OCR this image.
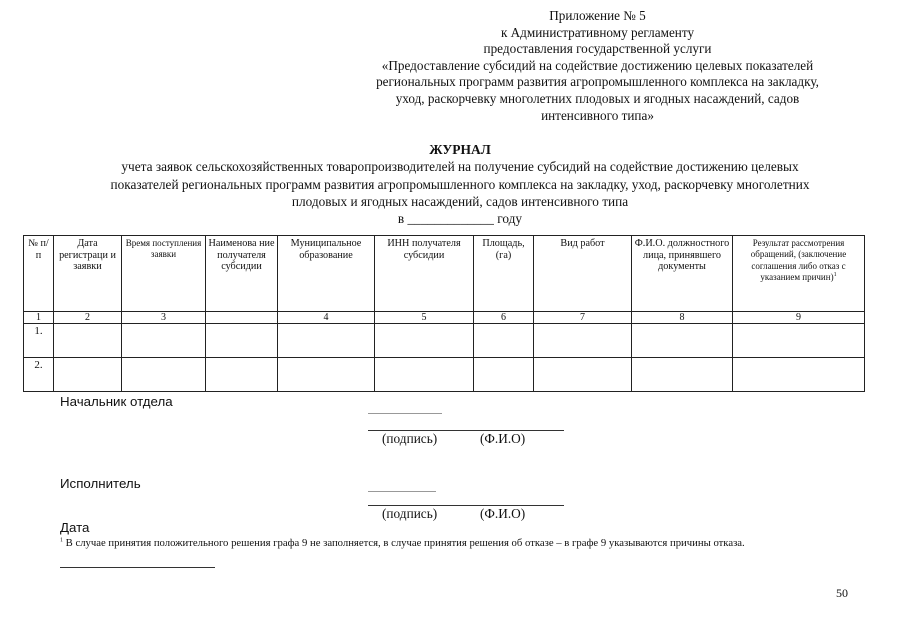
Приложение № 5
к Административному регламенту
предоставления государственной услуги
«Предоставление субсидий на содействие достижению целевых показателей
региональных программ развития агропромышленного комплекса на закладку,
уход, раскорчевку многолетних плодовых и ягодных насаждений, садов
интенсивного типа»
ЖУРНАЛ
учета заявок сельскохозяйственных товаропроизводителей на получение субсидий на содействие достижению целевых
показателей региональных программ развития агропромышленного комплекса на закладку, уход, раскорчевку многолетних
плодовых и ягодных насаждений, садов интенсивного типа
в _____________ году
№ п/п	Дата регистраци и заявки	Время поступления заявки	Наименова ние получателя субсидии	Муниципальное образование	ИНН получателя субсидии	Площадь, (га)	Вид работ	Ф.И.О. должностного лица, принявшего документы	Результат рассмотрения обращений, (заключение соглашения либо отказ с указанием причин)$^1$
1	2	3		4	5	6	7	8	9
1.									
2.									
Начальник отдела
(подпись)	(Ф.И.О)
Исполнитель
(подпись)	(Ф.И.О)
Дата
$^1$ В случае принятия положительного решения графа 9 не заполняется, в случае принятия решения об отказе – в графе 9 указываются причины отказа.
50
